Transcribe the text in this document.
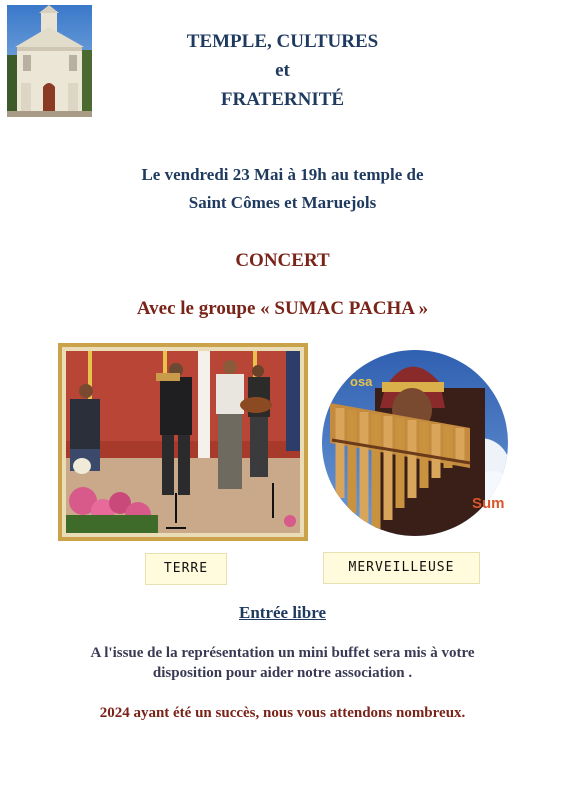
TEMPLE, CULTURES
et
FRATERNITÉ
Le vendredi 23 Mai à 19h au temple de
Saint Cômes et Maruejols
CONCERT
Avec le groupe « SUMAC PACHA »
osa
Sum
TERRE	MERVEILLEUSE
Entrée libre
A l'issue de la représentation un mini buffet sera mis à votre
disposition pour aider notre association .
2024 ayant été un succès, nous vous attendons nombreux.
